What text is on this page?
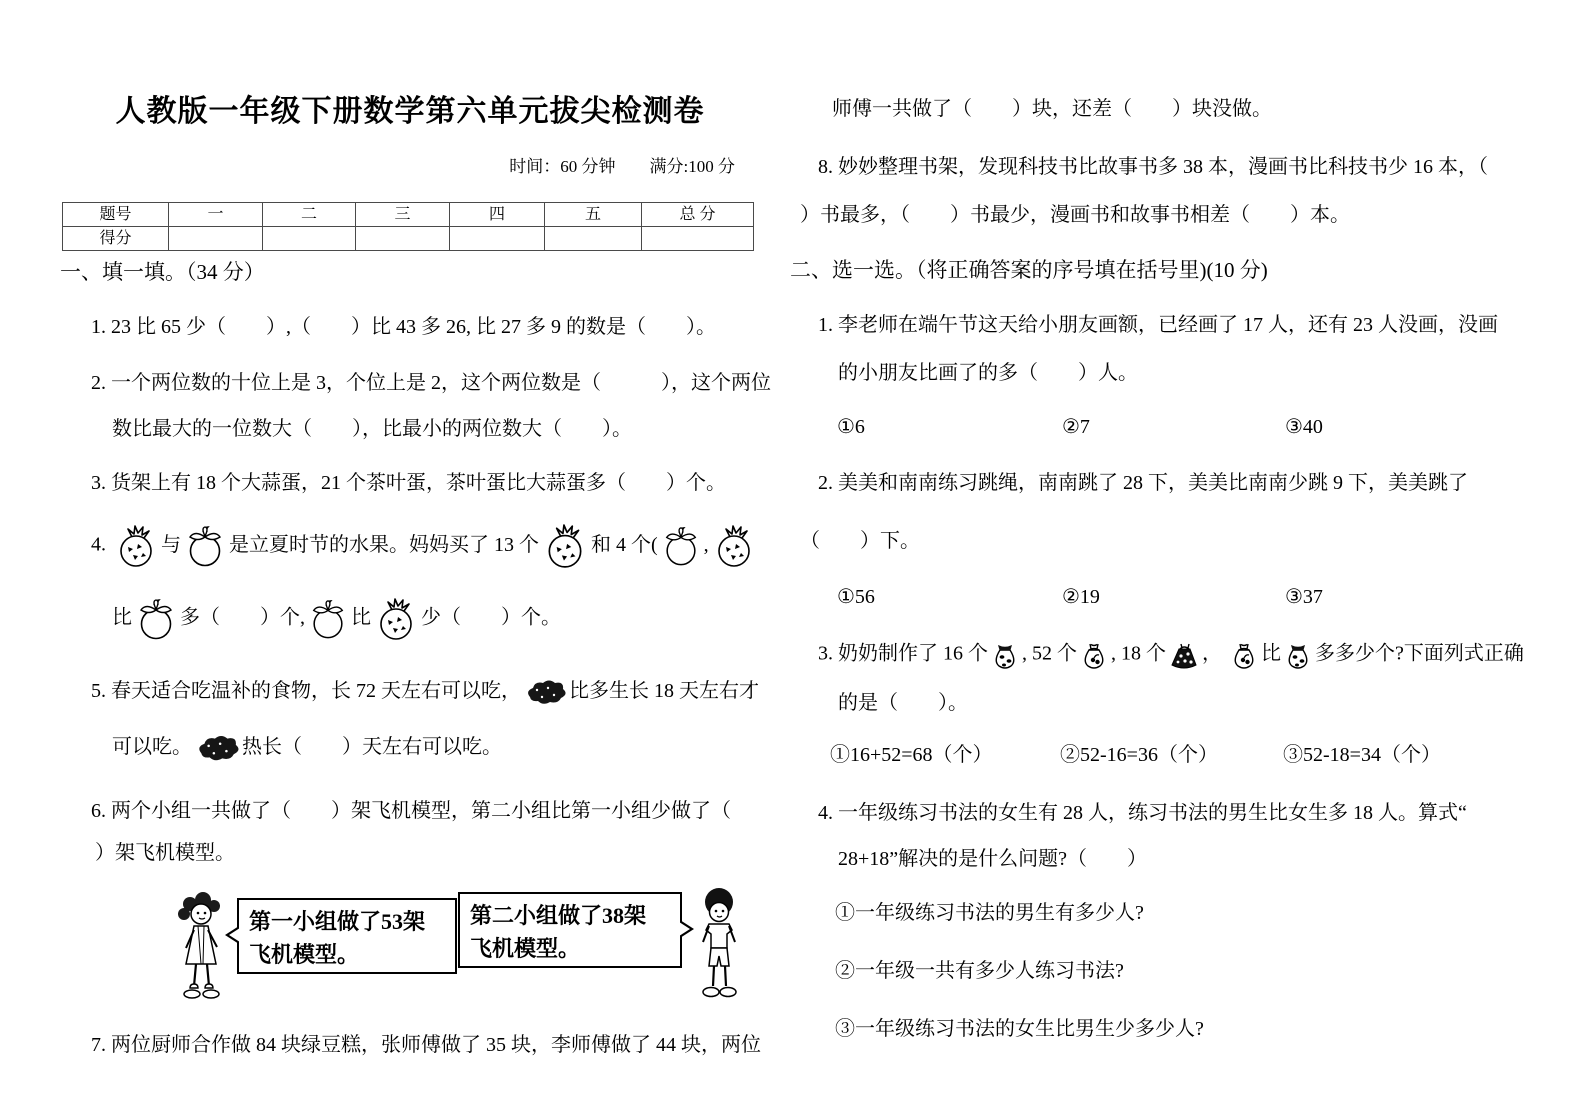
人教版一年级下册数学第六单元拔尖检测卷
时间：60 分钟　　满分:100 分
题号	一	二	三	四	五	总 分
得分						
一、填一填。（34 分）
1. 23 比 65 少（　　）,（　　）比 43 多 26, 比 27 多 9 的数是（　　）。
2. 一个两位数的十位上是 3，个位上是 2，这个两位数是（　　　），这个两位
数比最大的一位数大（　　），比最小的两位数大（　　）。
3. 货架上有 18 个大蒜蛋，21 个茶叶蛋，茶叶蛋比大蒜蛋多（　　）个。
4.	与 是立夏时节的水果。妈妈买了 13 个	和 4 个( ,
比 多（　　）个, 比	少（　　）个。
5. 春天适合吃温补的食物，长 72 天左右可以吃， 比多生长 18 天左右才
可以吃。	热长（　　）天左右可以吃。
6. 两个小组一共做了（　　）架飞机模型，第二小组比第一小组少做了（
）架飞机模型。
第一小组做了53架
飞机模型。
第二小组做了38架
飞机模型。
7. 两位厨师合作做 84 块绿豆糕，张师傅做了 35 块，李师傅做了 44 块，两位
师傅一共做了（　　）块，还差（　　）块没做。
8. 妙妙整理书架，发现科技书比故事书多 38 本，漫画书比科技书少 16 本，（
）书最多，（　　）书最少，漫画书和故事书相差（　　）本。
二、选一选。（将正确答案的序号填在括号里)(10 分)
1. 李老师在端午节这天给小朋友画额，已经画了 17 人，还有 23 人没画，没画
的小朋友比画了的多（　　）人。
①6	②7	③40
2. 美美和南南练习跳绳，南南跳了 28 下，美美比南南少跳 9 下，美美跳了
（　　）下。
①56	②19	③37
3. 奶奶制作了 16 个 , 52 个 , 18 个 ， 比 多多少个?下面列式正确
的是（　　）。
①16+52=68（个）	②52-16=36（个）	③52-18=34（个）
4. 一年级练习书法的女生有 28 人，练习书法的男生比女生多 18 人。算式“
28+18”解决的是什么问题?（　　）
①一年级练习书法的男生有多少人?
②一年级一共有多少人练习书法?
③一年级练习书法的女生比男生少多少人?
